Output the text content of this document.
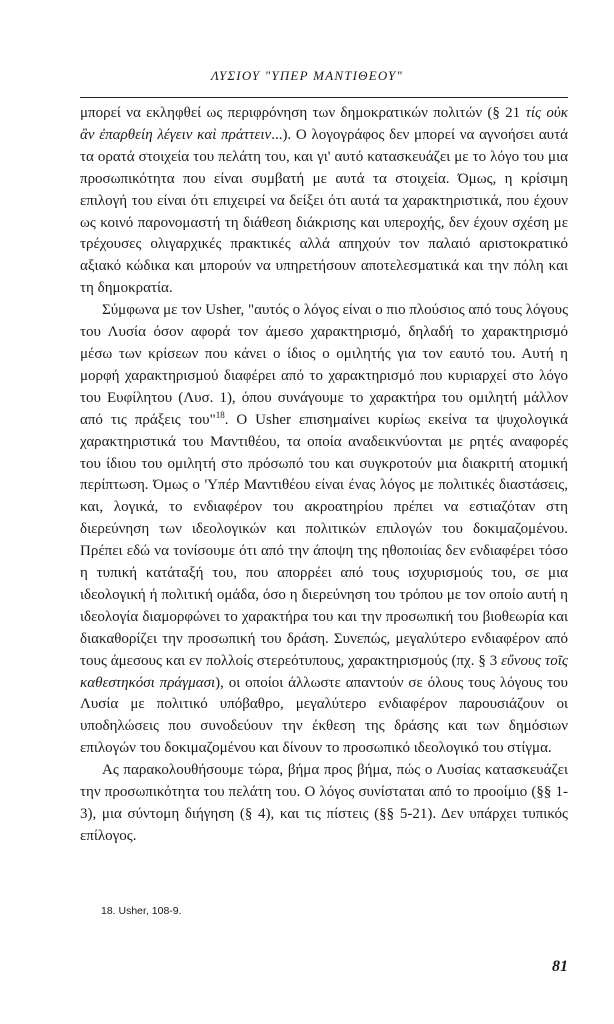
ΛΥΣΙΟΥ "ΥΠΕΡ ΜΑΝΤΙΘΕΟΥ"

μπορεί να εκληφθεί ως περιφρόνηση των δημοκρατικών πολιτών (§ 21 τίς οὐκ ἂν ἐπαρθείη λέγειν καὶ πράττειν...). Ο λογογράφος δεν μπορεί να αγνοήσει αυτά τα ορατά στοιχεία του πελάτη του, και γι' αυτό κατασκευάζει με το λόγο του μια προσωπικότητα που είναι συμβατή με αυτά τα στοιχεία. Όμως, η κρίσιμη επιλογή του είναι ότι επιχειρεί να δείξει ότι αυτά τα χαρακτηριστικά, που έχουν ως κοινό παρονομαστή τη διάθεση διάκρισης και υπεροχής, δεν έχουν σχέση με τρέχουσες ολιγαρχικές πρακτικές αλλά απηχούν τον παλαιό αριστοκρατικό αξιακό κώδικα και μπορούν να υπηρετήσουν αποτελεσματικά και την πόλη και τη δημοκρατία.

Σύμφωνα με τον Usher, "αυτός ο λόγος είναι ο πιο πλούσιος από τους λόγους του Λυσία όσον αφορά τον άμεσο χαρακτηρισμό, δηλαδή το χαρακτηρισμό μέσω των κρίσεων που κάνει ο ίδιος ο ομιλητής για τον εαυτό του. Αυτή η μορφή χαρακτηρισμού διαφέρει από το χαρακτηρισμό που κυριαρχεί στο λόγο του Ευφίλητου (Λυσ. 1), όπου συνάγουμε το χαρακτήρα του ομιλητή μάλλον από τις πράξεις του"$^{18}$. Ο Usher επισημαίνει κυρίως εκείνα τα ψυχολογικά χαρακτηριστικά του Μαντιθέου, τα οποία αναδεικνύονται με ρητές αναφορές του ίδιου του ομιλητή στο πρόσωπό του και συγκροτούν μια διακριτή ατομική περίπτωση. Όμως ο 'Υπέρ Μαντιθέου είναι ένας λόγος με πολιτικές διαστάσεις, και, λογικά, το ενδιαφέρον του ακροατηρίου πρέπει να εστιαζόταν στη διερεύνηση των ιδεολογικών και πολιτικών επιλογών του δοκιμαζομένου. Πρέπει εδώ να τονίσουμε ότι από την άποψη της ηθοποιίας δεν ενδιαφέρει τόσο η τυπική κατάταξή του, που απορρέει από τους ισχυρισμούς του, σε μια ιδεολογική ή πολιτική ομάδα, όσο η διερεύνηση του τρόπου με τον οποίο αυτή η ιδεολογία διαμορφώνει το χαρακτήρα του και την προσωπική του βιοθεωρία και διακαθορίζει την προσωπική του δράση. Συνεπώς, μεγαλύτερο ενδιαφέρον από τους άμεσους και εν πολλοίς στερεότυπους, χαρακτηρισμούς (πχ. § 3 εὔνους τοῖς καθεστηκόσι πράγμασι), οι οποίοι άλλωστε απαντούν σε όλους τους λόγους του Λυσία με πολιτικό υπόβαθρο, μεγαλύτερο ενδιαφέρον παρουσιάζουν οι υποδηλώσεις που συνοδεύουν την έκθεση της δράσης και των δημόσιων επιλογών του δοκιμαζομένου και δίνουν το προσωπικό ιδεολογικό του στίγμα.

Ας παρακολουθήσουμε τώρα, βήμα προς βήμα, πώς ο Λυσίας κατασκευάζει την προσωπικότητα του πελάτη του. Ο λόγος συνίσταται από το προοίμιο (§§ 1-3), μια σύντομη διήγηση (§ 4), και τις πίστεις (§§ 5-21). Δεν υπάρχει τυπικός επίλογος.

18. Usher, 108-9.
81
